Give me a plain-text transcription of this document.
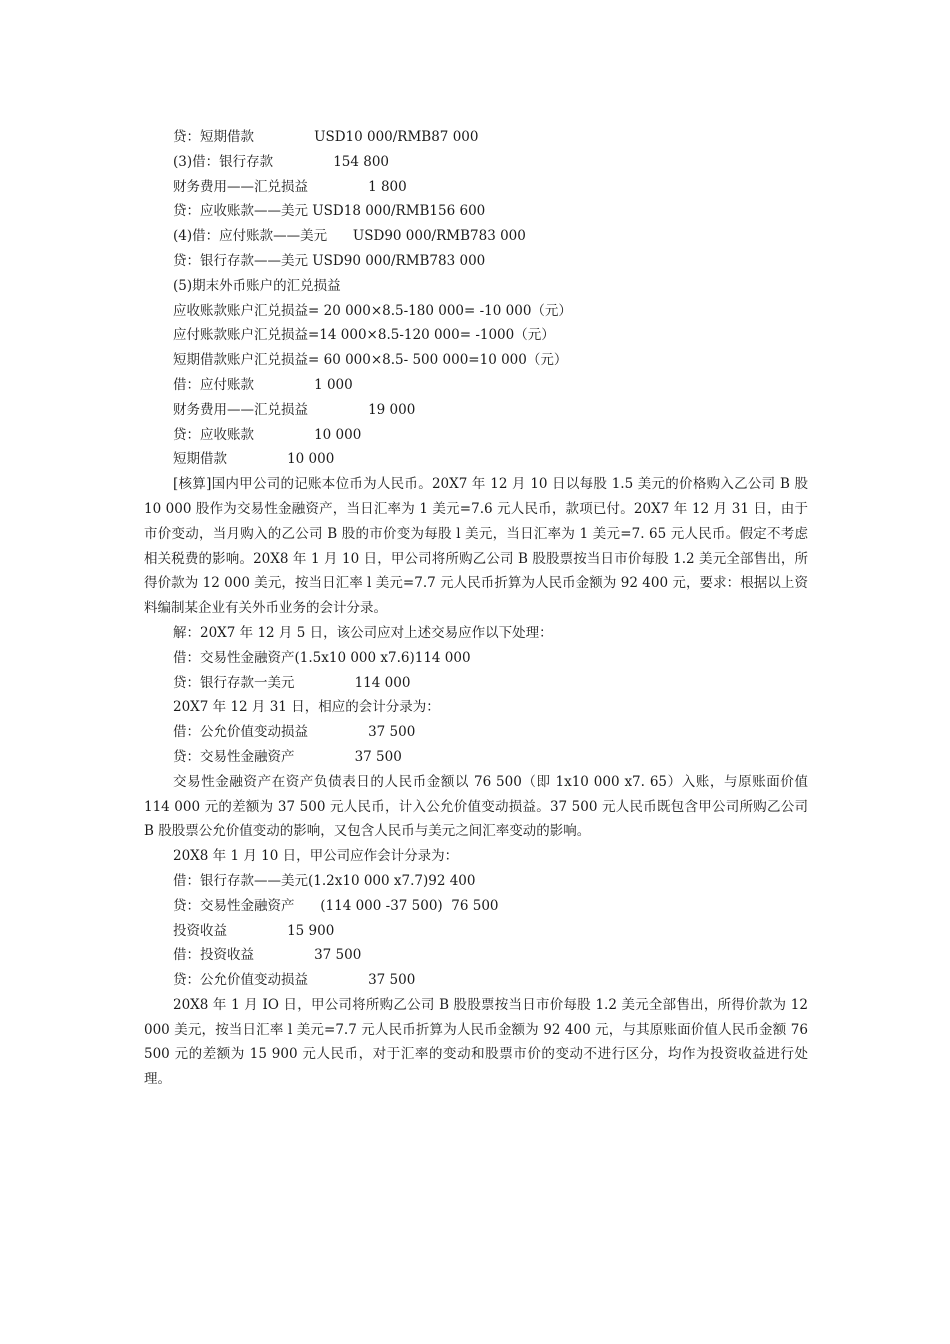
贷：短期借款              USD10 000/RMB87 000
(3)借：银行存款              154 800
财务费用——汇兑损益              1 800
贷：应收账款——美元 USD18 000/RMB156 600
(4)借：应付账款——美元      USD90 000/RMB783 000
贷：银行存款——美元 USD90 000/RMB783 000
(5)期末外币账户的汇兑损益
应收账款账户汇兑损益= 20 000×8.5-180 000= -10 000（元）
应付账款账户汇兑损益=14 000×8.5-120 000= -1000（元）
短期借款账户汇兑损益= 60 000×8.5- 500 000=10 000（元）
借：应付账款              1 000
财务费用——汇兑损益              19 000
贷：应收账款              10 000
短期借款              10 000

[核算]国内甲公司的记账本位币为人民币。20X7 年 12 月 10 日以每股 1.5 美元的价格购入乙公司 B 股 10 000 股作为交易性金融资产，当日汇率为 1 美元=7.6 元人民币，款项已付。20X7 年 12 月 31 日，由于市价变动，当月购入的乙公司 B 股的市价变为每股 l 美元，当日汇率为 1 美元=7. 65 元人民币。假定不考虑相关税费的影响。20X8 年 1 月 10 日，甲公司将所购乙公司 B 股股票按当日市价每股 1.2 美元全部售出，所得价款为 12 000 美元，按当日汇率 l 美元=7.7 元人民币折算为人民币金额为 92 400 元，要求：根据以上资料编制某企业有关外币业务的会计分录。

解：20X7 年 12 月 5 日，该公司应对上述交易应作以下处理：
借：交易性金融资产(1.5x10 000 x7.6)114 000
贷：银行存款一美元              114 000
20X7 年 12 月 31 日，相应的会计分录为：
借：公允价值变动损益              37 500
贷：交易性金融资产              37 500

交易性金融资产在资产负债表日的人民币金额以 76 500（即 1x10 000 x7. 65）入账，与原账面价值 114 000 元的差额为 37 500 元人民币，计入公允价值变动损益。37 500 元人民币既包含甲公司所购乙公司 B 股股票公允价值变动的影响，又包含人民币与美元之间汇率变动的影响。

20X8 年 1 月 10 日，甲公司应作会计分录为：
借：银行存款——美元(1.2x10 000 x7.7)92 400
贷：交易性金融资产      (114 000 -37 500)  76 500
投资收益              15 900
借：投资收益              37 500
贷：公允价值变动损益              37 500

20X8 年 1 月 IO 日，甲公司将所购乙公司 B 股股票按当日市价每股 1.2 美元全部售出，所得价款为 12 000 美元，按当日汇率 l 美元=7.7 元人民币折算为人民币金额为 92 400 元，与其原账面价值人民币金额 76 500 元的差额为 15 900 元人民币，对于汇率的变动和股票市价的变动不进行区分，均作为投资收益进行处理。
